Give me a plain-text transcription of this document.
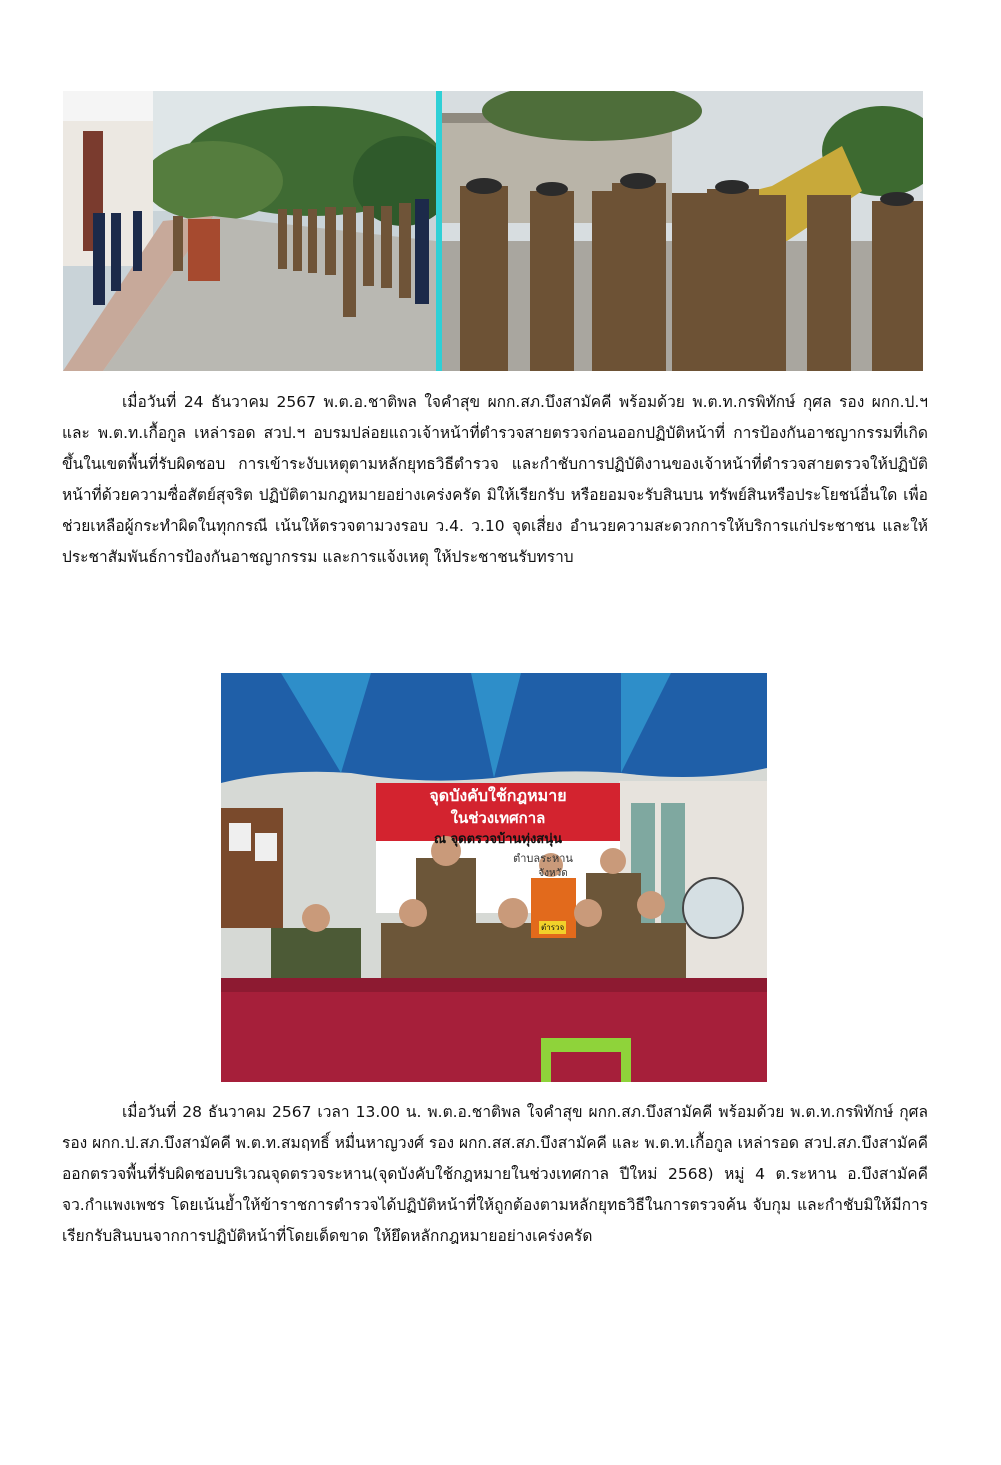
เมื่อวันที่ 24 ธันวาคม 2567 พ.ต.อ.ชาติพล ใจคำสุข ผกก.สภ.บึงสามัคคี พร้อมด้วย พ.ต.ท.กรพิทักษ์ กุศล รอง ผกก.ป.ฯ และ พ.ต.ท.เกื้อกูล เหล่ารอด สวป.ฯ อบรมปล่อยแถวเจ้าหน้าที่ตำรวจสายตรวจก่อนออกปฏิบัติหน้าที่ การป้องกันอาชญากรรมที่เกิดขึ้นในเขตพื้นที่รับผิดชอบ การเข้าระงับเหตุตามหลักยุทธวิธีตำรวจ และกำชับการปฏิบัติงานของเจ้าหน้าที่ตำรวจสายตรวจให้ปฏิบัติหน้าที่ด้วยความซื่อสัตย์สุจริต ปฏิบัติตามกฎหมายอย่างเคร่งครัด มิให้เรียกรับ หรือยอมจะรับสินบน ทรัพย์สินหรือประโยชน์อื่นใด เพื่อช่วยเหลือผู้กระทำผิดในทุกกรณี เน้นให้ตรวจตามวงรอบ ว.4. ว.10 จุดเสี่ยง อำนวยความสะดวกการให้บริการแก่ประชาชน และให้ประชาสัมพันธ์การป้องกันอาชญากรรม และการแจ้งเหตุ ให้ประชาชนรับทราบ
จุดบังคับใช้กฎหมาย
ในช่วงเทศกาล
ณ จุดตรวจบ้านทุ่งสนุ่น
ตำบลระหาน
จังหวัด
ตำรวจ
เมื่อวันที่ 28 ธันวาคม 2567 เวลา 13.00 น. พ.ต.อ.ชาติพล ใจคำสุข ผกก.สภ.บึงสามัคคี พร้อมด้วย พ.ต.ท.กรพิทักษ์ กุศล รอง ผกก.ป.สภ.บึงสามัคคี พ.ต.ท.สมฤทธิ์ หมื่นหาญวงศ์ รอง ผกก.สส.สภ.บึงสามัคคี และ พ.ต.ท.เกื้อกูล เหล่ารอด สวป.สภ.บึงสามัคคี ออกตรวจพื้นที่รับผิดชอบบริเวณจุดตรวจระหาน(จุดบังคับใช้กฎหมายในช่วงเทศกาล ปีใหม่ 2568) หมู่ 4 ต.ระหาน อ.บึงสามัคคี จว.กำแพงเพชร โดยเน้นย้ำให้ข้าราชการตำรวจได้ปฏิบัติหน้าที่ให้ถูกต้องตามหลักยุทธวิธีในการตรวจค้น จับกุม และกำชับมิให้มีการเรียกรับสินบนจากการปฏิบัติหน้าที่โดยเด็ดขาด ให้ยึดหลักกฎหมายอย่างเคร่งครัด
